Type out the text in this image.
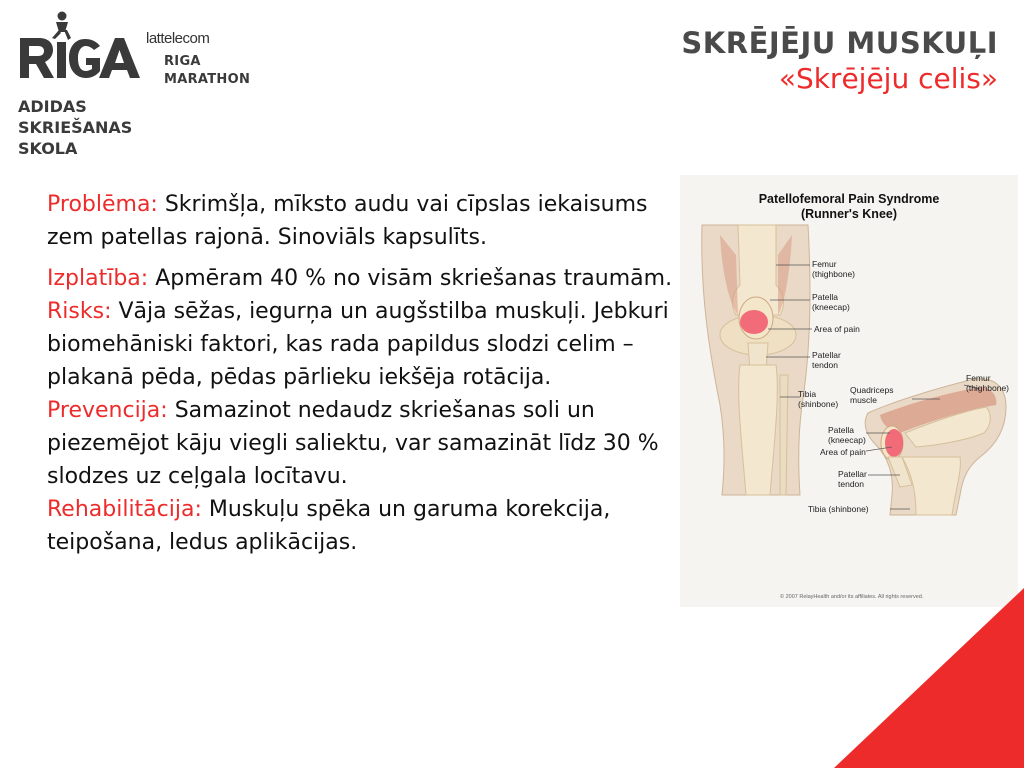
lattelecom
RIGA
MARATHON
ADIDAS
SKRIEŠANAS
SKOLA
SKRĒJĒJU MUSKUĻI
«Skrējēju celis»

Problēma: Skrimšļa, mīksto audu vai cīpslas iekaisums zem patellas rajonā. Sinoviāls kapsulīts.

Izplatība: Apmēram 40 % no visām skriešanas traumām.

Risks: Vāja sēžas, iegurņa un augšstilba muskuļi. Jebkuri biomehāniski faktori, kas rada papildus slodzi celim – plakanā pēda, pēdas pārlieku iekšēja rotācija.

Prevencija: Samazinot nedaudz skriešanas soli un piezemējot kāju viegli saliektu, var samazināt līdz 30 % slodzes uz ceļgala locītavu.

Rehabilitācija: Muskuļu spēka un garuma korekcija, teipošana, ledus aplikācijas.

Patellofemoral Pain Syndrome
(Runner's Knee)
Femur
(thighbone)
Patella
(kneecap)
Area of pain
Patellar
tendon
Tibia
(shinbone)
Quadriceps
muscle
Femur
(thighbone)
Patella
(kneecap)
Area of pain
Patellar
tendon
Tibia (shinbone)
© 2007 RelayHealth and/or its affiliates. All rights reserved.
